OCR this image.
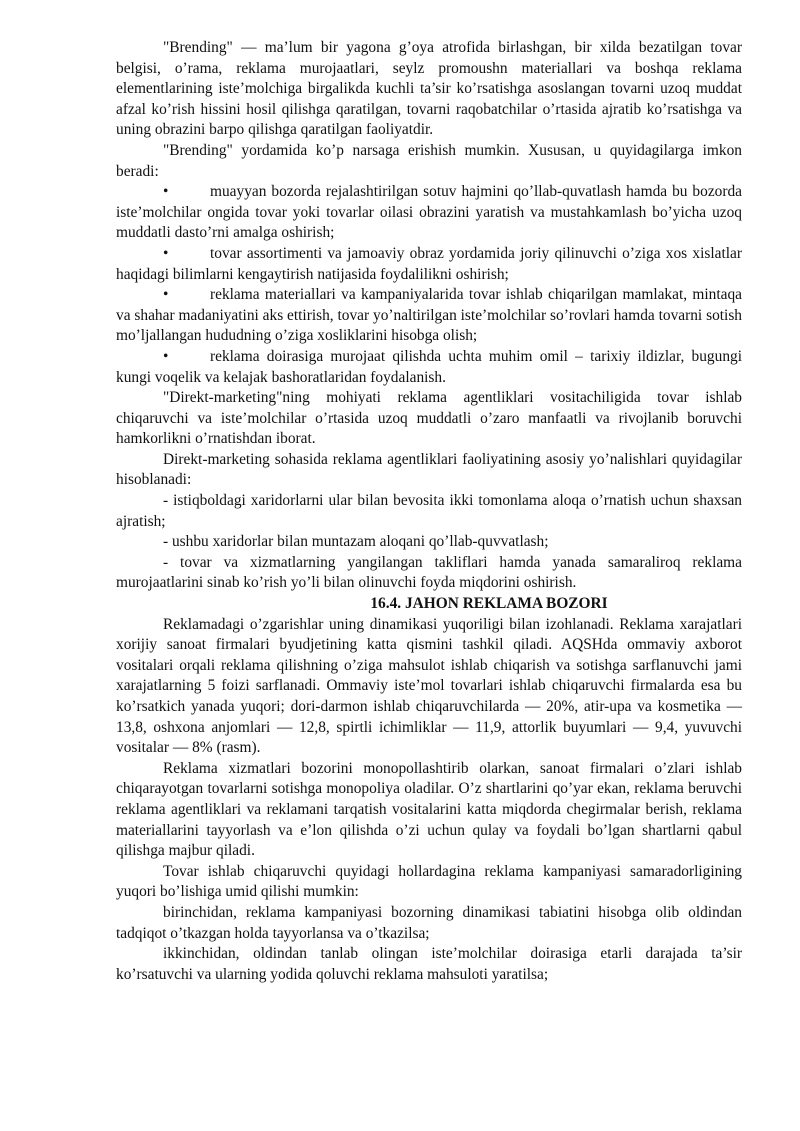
"Brending" — ma’lum bir yagona g’oya atrofida birlashgan, bir xilda bezatilgan tovar belgisi, o’rama, reklama murojaatlari, seylz promoushn materiallari va boshqa reklama elementlarining iste’molchiga birgalikda kuchli ta’sir ko’rsatishga asoslangan tovarni uzoq muddat afzal ko’rish hissini hosil qilishga qaratilgan, tovarni raqobatchilar o’rtasida ajratib ko’rsatishga va uning obrazini barpo qilishga qaratilgan faoliyatdir.

"Brending" yordamida ko’p narsaga erishish mumkin. Xususan, u quyidagilarga imkon beradi:

•	muayyan bozorda rejalashtirilgan sotuv hajmini qo’llab-quvatlash hamda bu bozorda iste’molchilar ongida tovar yoki tovarlar oilasi obrazini yaratish va mustahkamlash bo’yicha uzoq muddatli dasto’rni amalga oshirish;

•	tovar assortimenti va jamoaviy obraz yordamida joriy qilinuvchi o’ziga xos xislatlar haqidagi bilimlarni kengaytirish natijasida foydalilikni oshirish;

•	reklama materiallari va kampaniyalarida tovar ishlab chiqarilgan mamlakat, mintaqa va shahar madaniyatini aks ettirish, tovar yo’naltirilgan iste’molchilar so’rovlari hamda tovarni sotish mo’ljallangan hududning o’ziga xosliklarini hisobga olish;

•	reklama doirasiga murojaat qilishda uchta muhim omil – tarixiy ildizlar, bugungi kungi voqelik va kelajak bashoratlaridan foydalanish.

"Direkt-marketing"ning mohiyati reklama agentliklari vositachiligida tovar ishlab chiqaruvchi va iste’molchilar o’rtasida uzoq muddatli o’zaro manfaatli va rivojlanib boruvchi hamkorlikni o’rnatishdan iborat.

Direkt-marketing sohasida reklama agentliklari faoliyatining asosiy yo’nalishlari quyidagilar hisoblanadi:

- istiqboldagi xaridorlarni ular bilan bevosita ikki tomonlama aloqa o’rnatish uchun shaxsan ajratish;

- ushbu xaridorlar bilan muntazam aloqani qo’llab-quvvatlash;

- tovar va xizmatlarning yangilangan takliflari hamda yanada samaraliroq reklama murojaatlarini sinab ko’rish yo’li bilan olinuvchi foyda miqdorini oshirish.

16.4. JAHON REKLAMA BOZORI

Reklamadagi o’zgarishlar uning dinamikasi yuqoriligi bilan izohlanadi. Reklama xarajatlari xorijiy sanoat firmalari byudjetining katta qismini tashkil qiladi. AQSHda ommaviy axborot vositalari orqali reklama qilishning o’ziga mahsulot ishlab chiqarish va sotishga sarflanuvchi jami xarajatlarning 5 foizi sarflanadi. Ommaviy iste’mol tovarlari ishlab chiqaruvchi firmalarda esa bu ko’rsatkich yanada yuqori; dori-darmon ishlab chiqaruvchilarda — 20%, atir-upa va kosmetika — 13,8, oshxona anjomlari — 12,8, spirtli ichimliklar — 11,9, attorlik buyumlari — 9,4, yuvuvchi vositalar — 8% (rasm).

Reklama xizmatlari bozorini monopollashtirib olarkan, sanoat firmalari o’zlari ishlab chiqarayotgan tovarlarni sotishga monopoliya oladilar. O’z shartlarini qo’yar ekan, reklama beruvchi reklama agentliklari va reklamani tarqatish vositalarini katta miqdorda chegirmalar berish, reklama materiallarini tayyorlash va e’lon qilishda o’zi uchun qulay va foydali bo’lgan shartlarni qabul qilishga majbur qiladi.

Tovar ishlab chiqaruvchi quyidagi hollardagina reklama kampaniyasi samaradorligining yuqori bo’lishiga umid qilishi mumkin:

birinchidan, reklama kampaniyasi bozorning dinamikasi tabiatini hisobga olib oldindan tadqiqot o’tkazgan holda tayyorlansa va o’tkazilsa;

ikkinchidan, oldindan tanlab olingan iste’molchilar doirasiga etarli darajada ta’sir ko’rsatuvchi va ularning yodida qoluvchi reklama mahsuloti yaratilsa;
